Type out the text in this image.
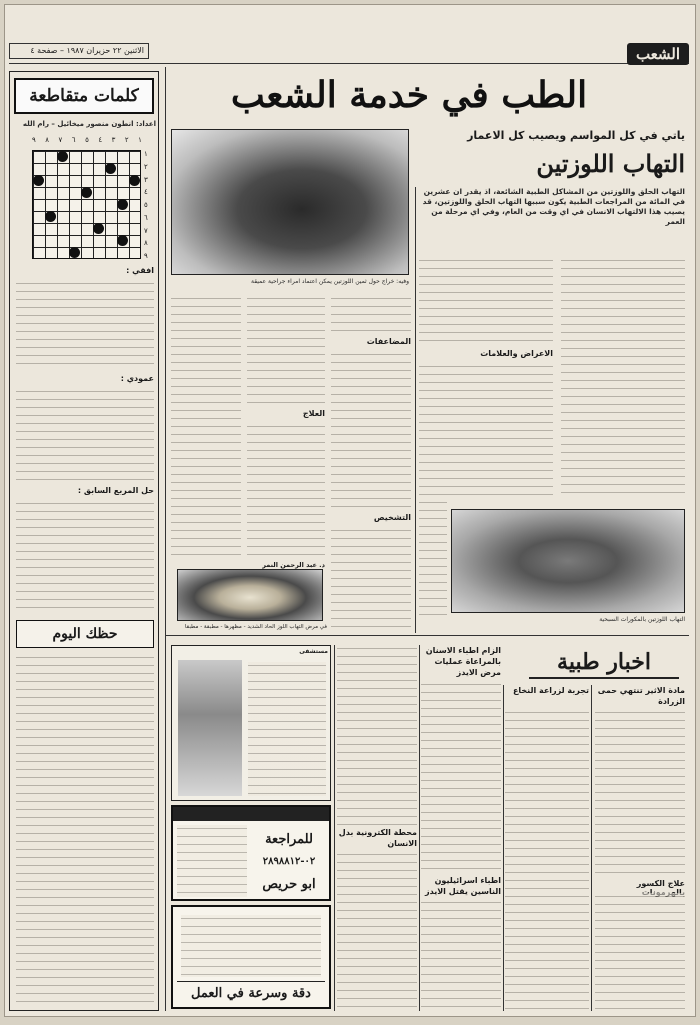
الاثنين ٢٢ حزيران ١٩٨٧ – صفحة ٤	الشعب
كلمات متقاطعة
اعداد: انطون منصور ميخائيل – رام الله
١
٢
٣
٤
٥
٦
٧
٨
٩
١
٢
٣
٤
٥
٦
٧
٨
٩
افقي :
عمودي :
حل المربع السابق :
حظك اليوم
الطب في خدمة الشعب
ياتي في كل المواسم ويصيب كل الاعمار
التهاب اللوزتين
وفيه: خراج حول ثمين اللوزتين يمكن اعتماد امراء جراحية عميقة
التهاب الحلق واللوزتين من المشاكل الطبية الشائعة، اذ يقدر ان عشرين في المائة من المراجعات الطبية يكون سببها التهاب الحلق واللوزتين، قد يصيب هذا الالتهاب الانسان في اي وقت من العام، وفي اي مرحلة من العمر
الاعراض والعلامات
المضاعفات
العلاج
التشخيص
التهاب اللوزتين بالمكورات السبحية
في مرض التهاب اللوز الحاد الشديد - مظهرها - مطبقة - مطبقا
د. عبد الرحمن النمر
اخبار طبية
مادة الاثير تنتهي حمى الزرادة
علاج الكسور
تجربة لزراعة النخاع
الزام اطباء الاسنان بالمراعاة عمليات مرض الايدز
اطباء اسرائيليون الناسين يقتل الايدز
محطة الكترونية بدل الانسان
مستشفى
للمراجعة
٠٢-٢٨٩٨٨١٢
ابو حريص
دقة وسرعة في العمل
